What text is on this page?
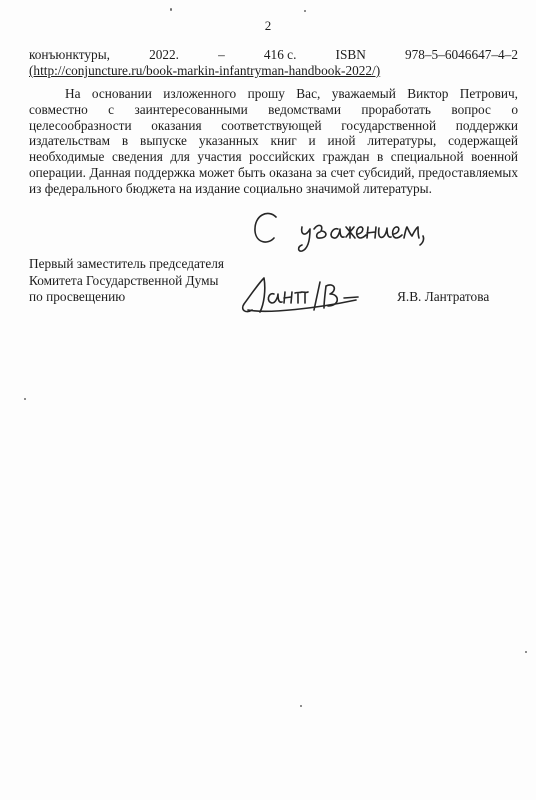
2
конъюнктуры,	2022.	–	416 с.	ISBN	978–5–6046647–4–2
(http://conjuncture.ru/book-markin-infantryman-handbook-2022/)

На основании изложенного прошу Вас, уважаемый Виктор Петрович, совместно с заинтересованными ведомствами проработать вопрос о целесообразности оказания соответствующей государственной поддержки издательствам в выпуске указанных книг и иной литературы, содержащей необходимые сведения для участия российских граждан в специальной военной операции. Данная поддержка может быть оказана за счет субсидий, предоставляемых из федерального бюджета на издание социально значимой литературы.

Первый заместитель председателя
Комитета Государственной Думы
по просвещению	Я.В. Лантратова
